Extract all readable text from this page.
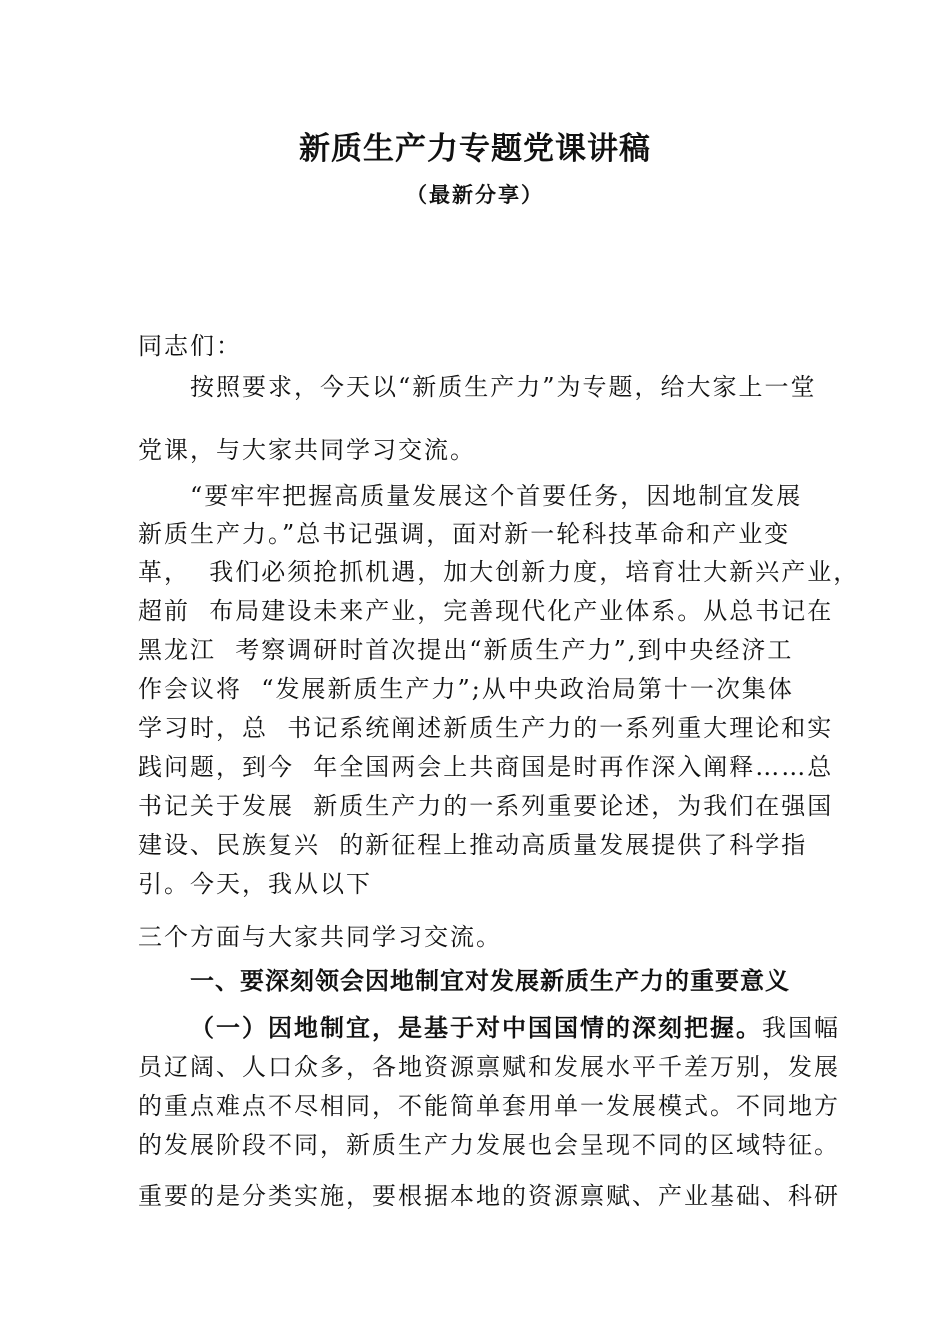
新质生产力专题党课讲稿
（最新分享）
同志们：
按照要求，今天以“新质生产力”为专题，给大家上一堂
党课，与大家共同学习交流。
“要牢牢把握高质量发展这个首要任务，因地制宜发展
新质生产力。”总书记强调，面对新一轮科技革命和产业变
革，  我们必须抢抓机遇，加大创新力度，培育壮大新兴产业，
超前  布局建设未来产业，完善现代化产业体系。从总书记在
黑龙江  考察调研时首次提出“新质生产力”,到中央经济工
作会议将  “发展新质生产力”;从中央政治局第十一次集体
学习时，总  书记系统阐述新质生产力的一系列重大理论和实
践问题，到今  年全国两会上共商国是时再作深入阐释……总
书记关于发展  新质生产力的一系列重要论述，为我们在强国
建设、民族复兴  的新征程上推动高质量发展提供了科学指
引。今天，我从以下
三个方面与大家共同学习交流。
一、要深刻领会因地制宜对发展新质生产力的重要意义
（一）因地制宜，是基于对中国国情的深刻把握。我国幅
员辽阔、人口众多，各地资源禀赋和发展水平千差万别，发展
的重点难点不尽相同，不能简单套用单一发展模式。不同地方
的发展阶段不同，新质生产力发展也会呈现不同的区域特征。
重要的是分类实施，要根据本地的资源禀赋、产业基础、科研
